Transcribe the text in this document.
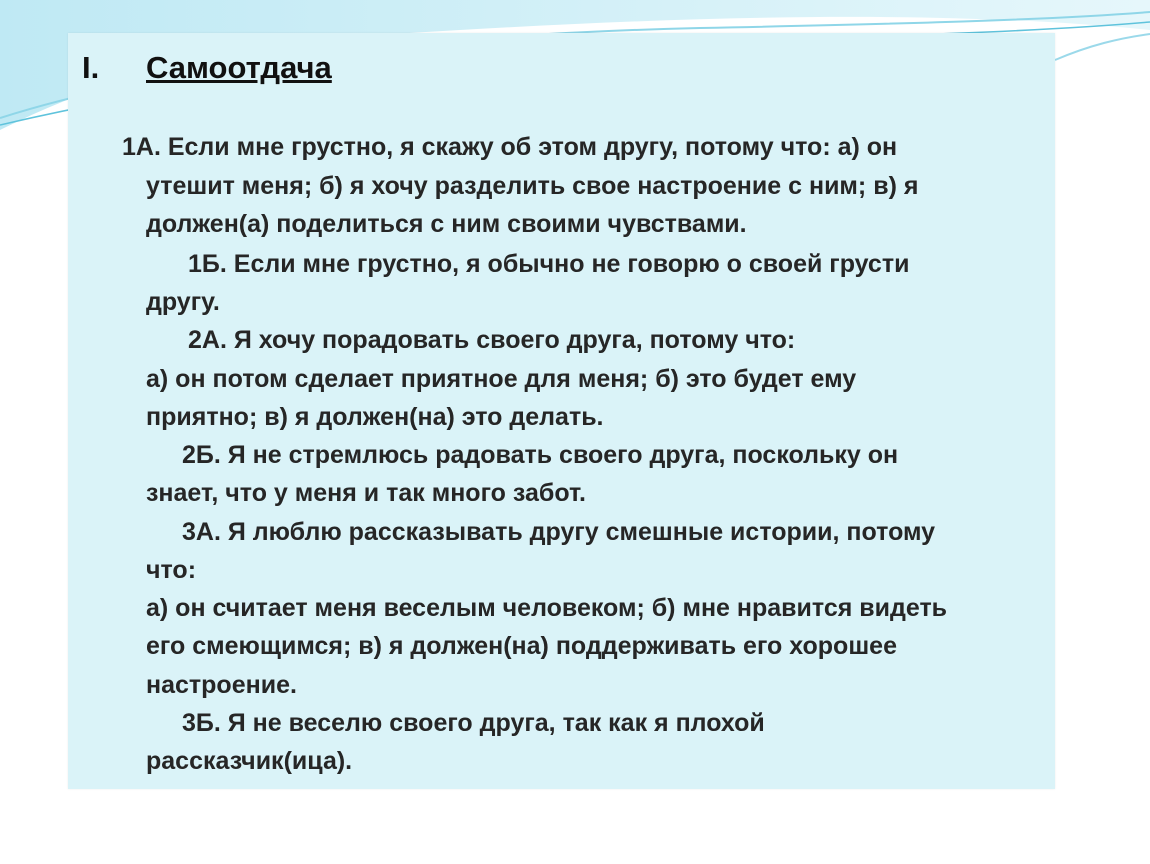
I. Самоотдача
1А. Если мне грустно, я скажу об этом другу, потому что: а) он
утешит меня; б) я хочу разделить свое настроение с ним; в) я
должен(а) поделиться с ним своими чувствами.
1Б. Если мне грустно, я обычно не говорю о своей грусти
другу.
2А. Я хочу порадовать своего друга, потому что:
а) он потом сделает приятное для меня; б) это будет ему
приятно; в) я должен(на) это делать.
2Б. Я не стремлюсь радовать своего друга, поскольку он
знает, что у меня и так много забот.
3А. Я люблю рассказывать другу смешные истории, потому
что:
а) он считает меня веселым человеком; б) мне нравится видеть
его смеющимся; в) я должен(на) поддерживать его хорошее
настроение.
3Б. Я не веселю своего друга, так как я плохой
рассказчик(ица).
